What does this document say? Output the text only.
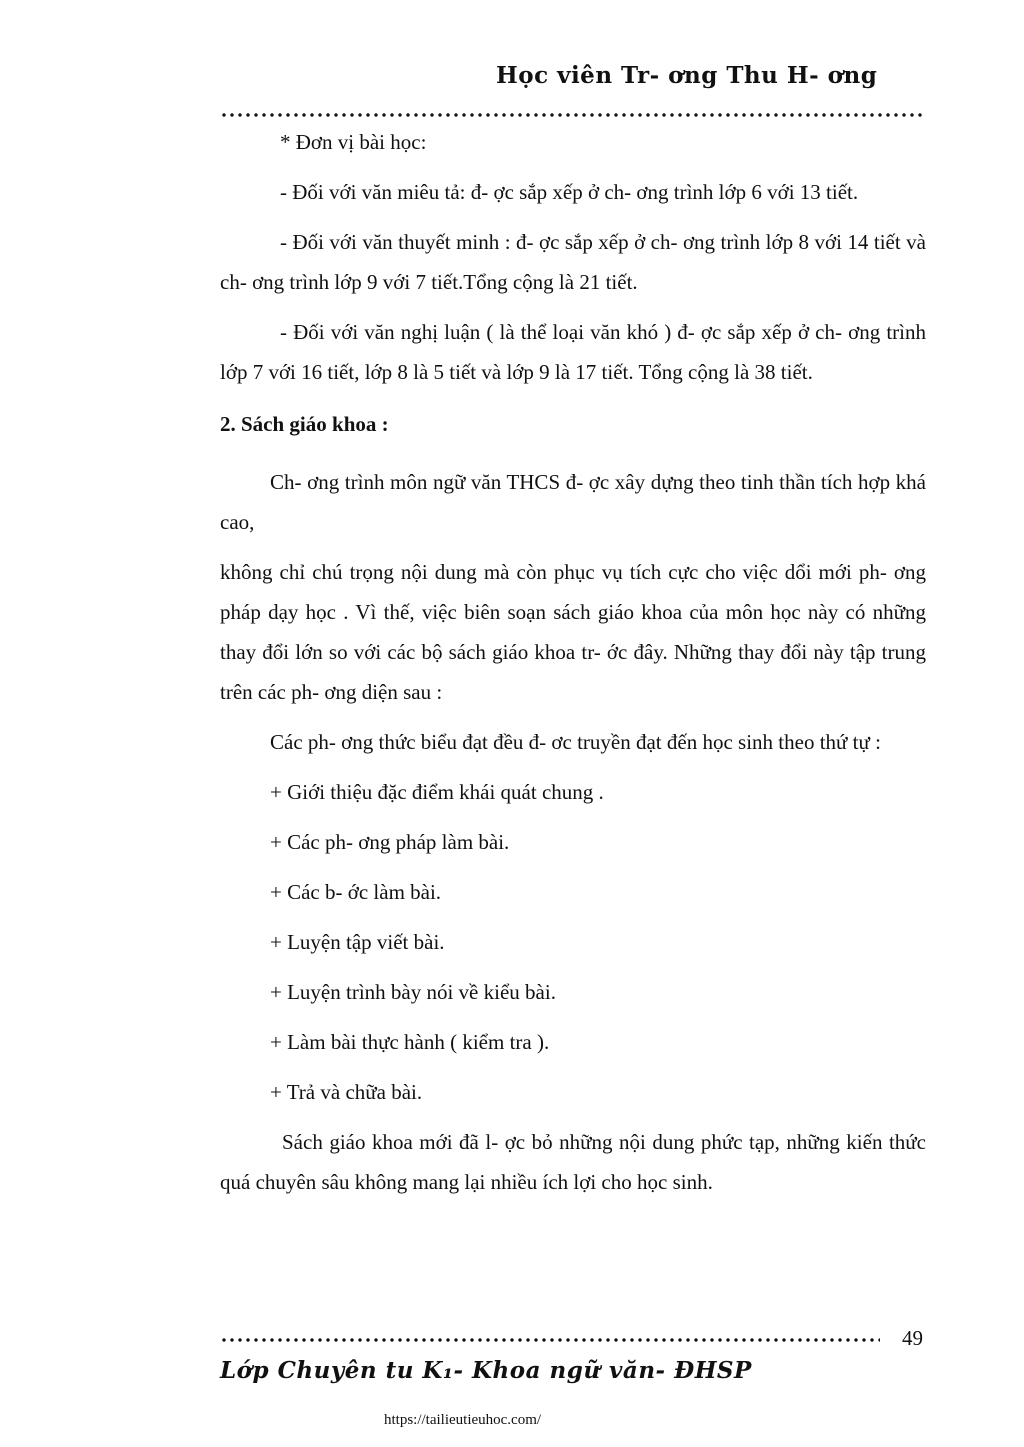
Học viên Tr- ơng Thu H- ơng

* Đơn vị bài học:

- Đối với văn miêu tả: đ- ợc sắp xếp ở ch- ơng trình lớp 6 với 13 tiết.

- Đối với văn thuyết minh : đ- ợc sắp xếp ở ch- ơng trình lớp 8 với 14 tiết và ch- ơng trình lớp 9 với 7 tiết.Tổng cộng là 21 tiết.

- Đối với văn nghị luận ( là thể loại văn khó ) đ- ợc sắp xếp ở ch- ơng trình lớp 7 với 16 tiết, lớp 8 là 5 tiết và lớp 9 là 17 tiết. Tổng cộng là 38 tiết.

2. Sách giáo khoa :

Ch- ơng trình môn ngữ văn THCS đ- ợc xây dựng theo tinh thần tích hợp khá cao,

không chỉ chú trọng nội dung mà còn phục vụ tích cực cho việc dổi mới ph- ơng pháp dạy học . Vì thế, việc biên soạn sách giáo khoa của môn học này có những thay đổi lớn so với các bộ sách giáo khoa tr- ớc đây. Những thay đổi này tập trung trên các ph- ơng diện sau :

Các ph- ơng thức biểu đạt đều đ- ơc truyền đạt đến học sinh theo thứ tự :

+ Giới thiệu đặc điểm khái quát chung .

+ Các ph- ơng pháp làm bài.

+ Các b- ớc làm bài.

+ Luyện tập viết bài.

+ Luyện trình bày nói về kiểu bài.

+ Làm bài thực hành ( kiểm tra ).

+ Trả và chữa bài.

Sách giáo khoa mới đã l- ợc bỏ những nội dung phức tạp, những kiến thức quá chuyên sâu không mang lại nhiều ích lợi cho học sinh.

49
Lớp Chuyên tu K₁- Khoa ngữ văn- ĐHSP
https://tailieutieuhoc.com/
